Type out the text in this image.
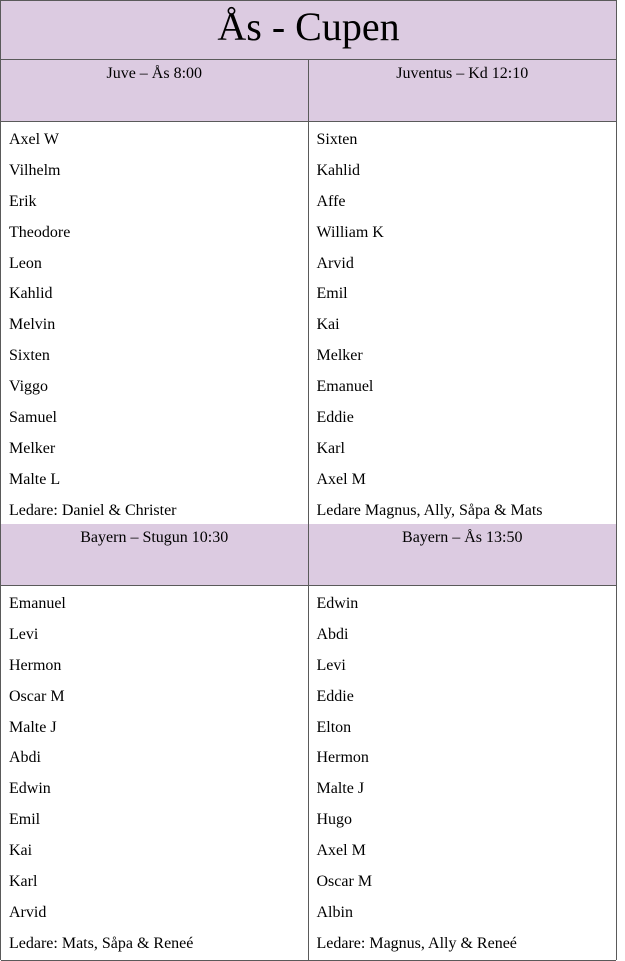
Ås - Cupen
Juve – Ås 8:00	Juventus – Kd 12:10
Axel W
Vilhelm
Erik
Theodore
Leon
Kahlid
Melvin
Sixten
Viggo
Samuel
Melker
Malte L
Ledare: Daniel & Christer
Sixten
Kahlid
Affe
William K
Arvid
Emil
Kai
Melker
Emanuel
Eddie
Karl
Axel M
Ledare Magnus, Ally, Såpa & Mats
Bayern – Stugun 10:30	Bayern – Ås 13:50
Emanuel
Levi
Hermon
Oscar M
Malte J
Abdi
Edwin
Emil
Kai
Karl
Arvid
Ledare: Mats, Såpa & Reneé
Edwin
Abdi
Levi
Eddie
Elton
Hermon
Malte J
Hugo
Axel M
Oscar M
Albin
Ledare: Magnus, Ally & Reneé
